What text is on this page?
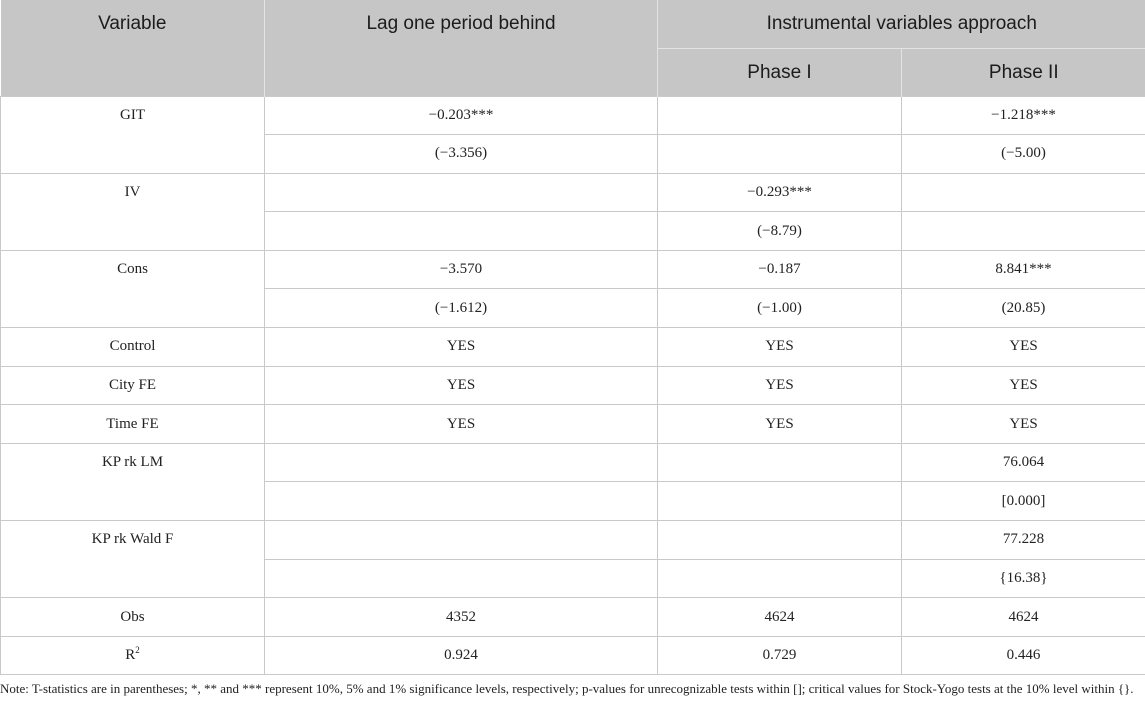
Variable	Lag one period behind	Instrumental variables approach	
		Phase I	Phase II
GIT	−0.203***		−1.218***
	(−3.356)		(−5.00)
IV		−0.293***	
		(−8.79)	
Cons	−3.570	−0.187	8.841***
	(−1.612)	(−1.00)	(20.85)
Control	YES	YES	YES
City FE	YES	YES	YES
Time FE	YES	YES	YES
KP rk LM			76.064
			[0.000]
KP rk Wald F			77.228
			{16.38}
Obs	4352	4624	4624
$R^2$	0.924	0.729	0.446
Note: T-statistics are in parentheses; *, ** and *** represent 10%, 5% and 1% significance levels, respectively; p-values for unrecognizable tests within []; critical values for Stock-Yogo tests at the 10% level within {}.
